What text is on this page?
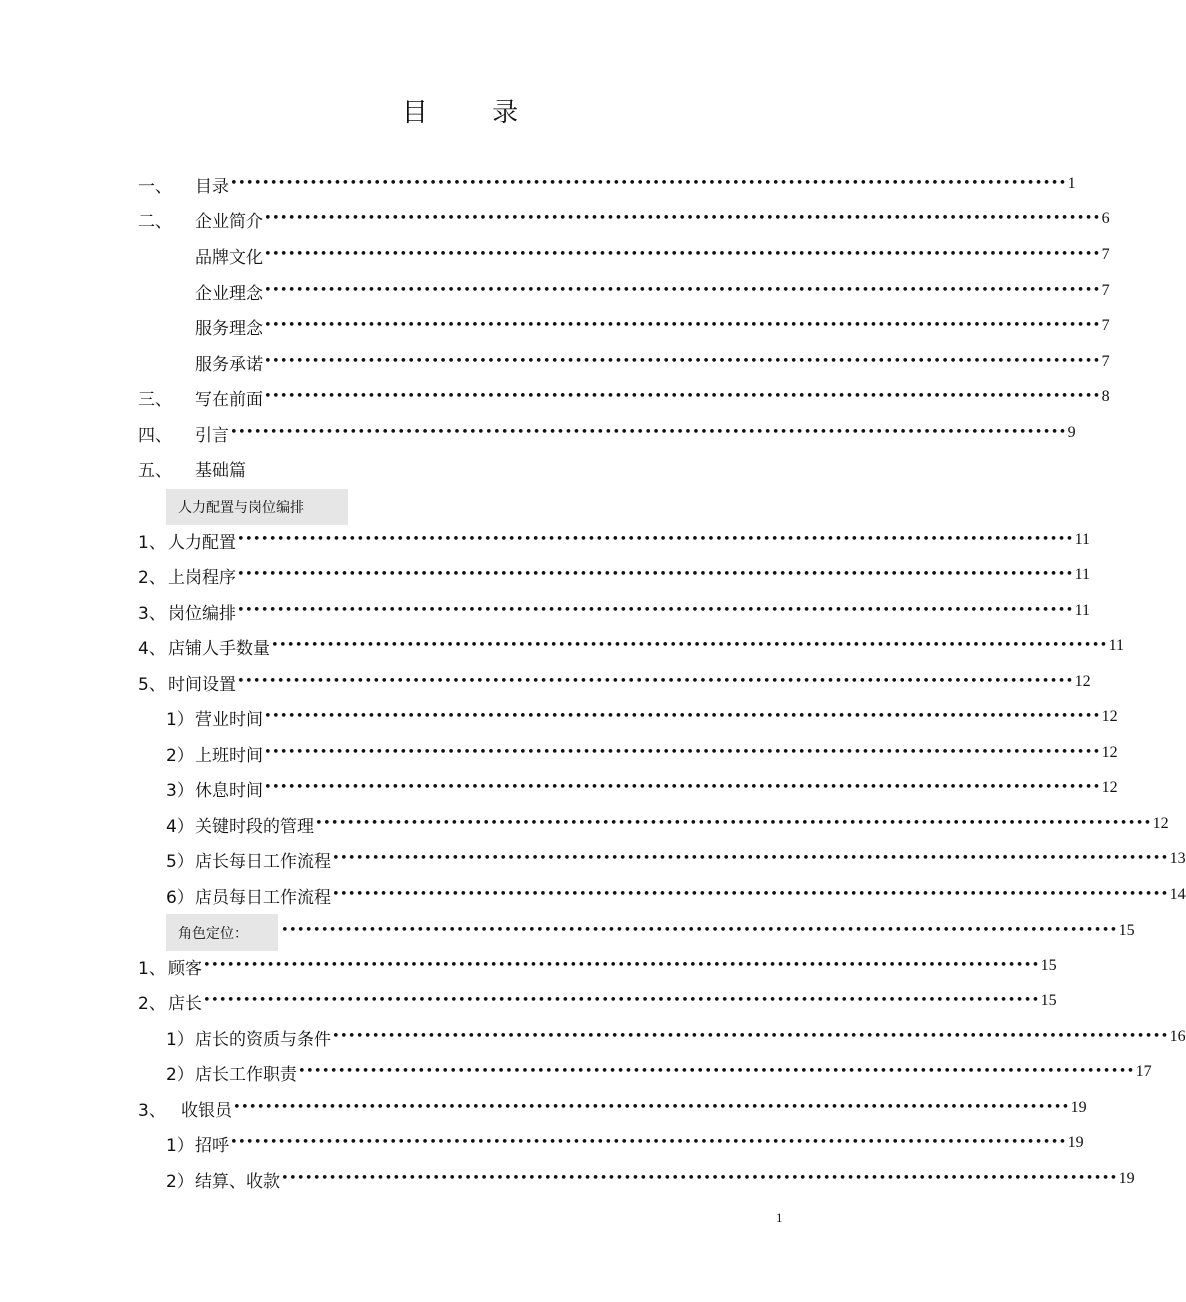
目 录
人力配置与岗位编排
角色定位：
一、 目录 ••••••••••••••••••••••••••••••••••••••••••••••••••••••••••••••••••••••••••••••••••••••••••••••••••••••••• 1
二、 企业简介 ••••••••••••••••••••••••••••••••••••••••••••••••••••••••••••••••••••••••••••••••••••••••••••••••••••••••• 6
品牌文化 ••••••••••••••••••••••••••••••••••••••••••••••••••••••••••••••••••••••••••••••••••••••••••••••••••••••••• 7
企业理念 ••••••••••••••••••••••••••••••••••••••••••••••••••••••••••••••••••••••••••••••••••••••••••••••••••••••••• 7
服务理念 ••••••••••••••••••••••••••••••••••••••••••••••••••••••••••••••••••••••••••••••••••••••••••••••••••••••••• 7
服务承诺 ••••••••••••••••••••••••••••••••••••••••••••••••••••••••••••••••••••••••••••••••••••••••••••••••••••••••• 7
三、 写在前面 ••••••••••••••••••••••••••••••••••••••••••••••••••••••••••••••••••••••••••••••••••••••••••••••••••••••••• 8
四、 引言 ••••••••••••••••••••••••••••••••••••••••••••••••••••••••••••••••••••••••••••••••••••••••••••••••••••••••• 9
五、 基础篇
1、 人力配置 ••••••••••••••••••••••••••••••••••••••••••••••••••••••••••••••••••••••••••••••••••••••••••••••••••••••••• 11
2、 上岗程序 ••••••••••••••••••••••••••••••••••••••••••••••••••••••••••••••••••••••••••••••••••••••••••••••••••••••••• 11
3、 岗位编排 ••••••••••••••••••••••••••••••••••••••••••••••••••••••••••••••••••••••••••••••••••••••••••••••••••••••••• 11
4、 店铺人手数量 ••••••••••••••••••••••••••••••••••••••••••••••••••••••••••••••••••••••••••••••••••••••••••••••••••••••••• 11
5、 时间设置 ••••••••••••••••••••••••••••••••••••••••••••••••••••••••••••••••••••••••••••••••••••••••••••••••••••••••• 12
1） 营业时间 ••••••••••••••••••••••••••••••••••••••••••••••••••••••••••••••••••••••••••••••••••••••••••••••••••••••••• 12
2） 上班时间 ••••••••••••••••••••••••••••••••••••••••••••••••••••••••••••••••••••••••••••••••••••••••••••••••••••••••• 12
3） 休息时间 ••••••••••••••••••••••••••••••••••••••••••••••••••••••••••••••••••••••••••••••••••••••••••••••••••••••••• 12
4） 关键时段的管理 ••••••••••••••••••••••••••••••••••••••••••••••••••••••••••••••••••••••••••••••••••••••••••••••••••••••••• 12
5） 店长每日工作流程 ••••••••••••••••••••••••••••••••••••••••••••••••••••••••••••••••••••••••••••••••••••••••••••••••••••••••• 13
6） 店员每日工作流程 ••••••••••••••••••••••••••••••••••••••••••••••••••••••••••••••••••••••••••••••••••••••••••••••••••••••••• 14
••••••••••••••••••••••••••••••••••••••••••••••••••••••••••••••••••••••••••••••••••••••••••••••••••••••••• 15
1、 顾客 ••••••••••••••••••••••••••••••••••••••••••••••••••••••••••••••••••••••••••••••••••••••••••••••••••••••••• 15
2、 店长 ••••••••••••••••••••••••••••••••••••••••••••••••••••••••••••••••••••••••••••••••••••••••••••••••••••••••• 15
1） 店长的资质与条件 ••••••••••••••••••••••••••••••••••••••••••••••••••••••••••••••••••••••••••••••••••••••••••••••••••••••••• 16
2） 店长工作职责 ••••••••••••••••••••••••••••••••••••••••••••••••••••••••••••••••••••••••••••••••••••••••••••••••••••••••• 17
3、 收银员 ••••••••••••••••••••••••••••••••••••••••••••••••••••••••••••••••••••••••••••••••••••••••••••••••••••••••• 19
1） 招呼 ••••••••••••••••••••••••••••••••••••••••••••••••••••••••••••••••••••••••••••••••••••••••••••••••••••••••• 19
2） 结算、收款 ••••••••••••••••••••••••••••••••••••••••••••••••••••••••••••••••••••••••••••••••••••••••••••••••••••••••• 19
1
